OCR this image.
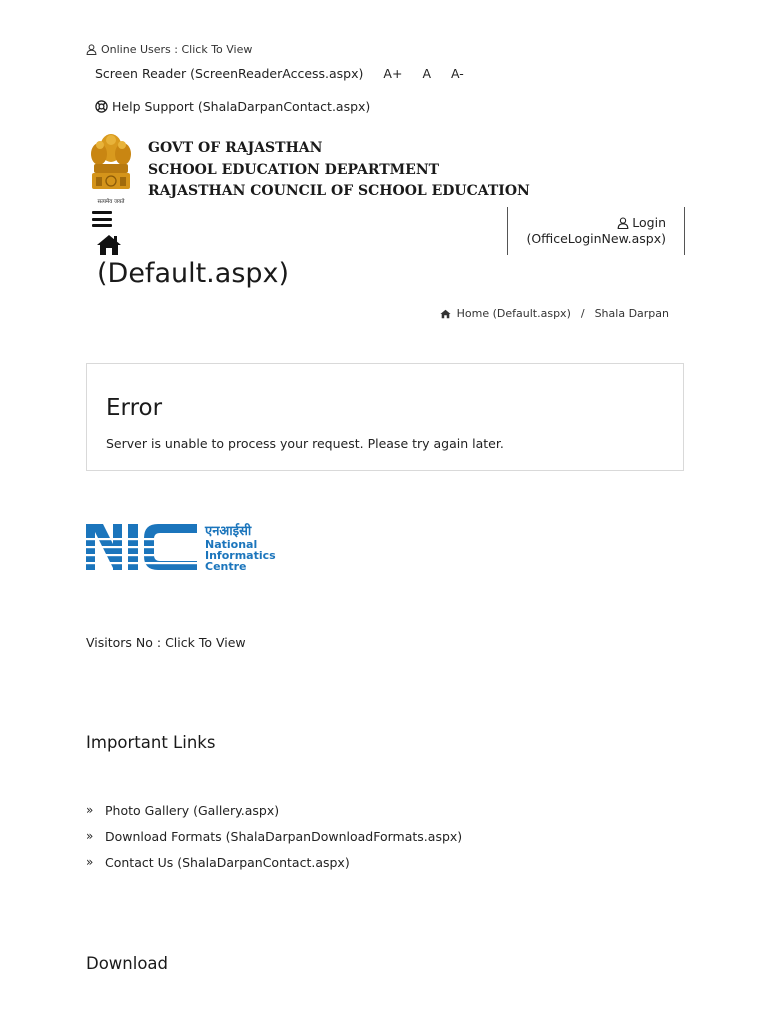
Online Users : Click To View
Screen Reader (ScreenReaderAccess.aspx) A+ A A-
Help Support (ShalaDarpanContact.aspx)
सत्यमेव जयते
GOVT OF RAJASTHAN
SCHOOL EDUCATION DEPARTMENT
RAJASTHAN COUNCIL OF SCHOOL EDUCATION
(Default.aspx)
Login
(OfficeLoginNew.aspx)
Home (Default.aspx) / Shala Darpan
Error
Server is unable to process your request. Please try again later.
एनआईसी
National
Informatics
Centre
Visitors No : Click To View
Important Links
» Photo Gallery (Gallery.aspx)
» Download Formats (ShalaDarpanDownloadFormats.aspx)
» Contact Us (ShalaDarpanContact.aspx)
Download
